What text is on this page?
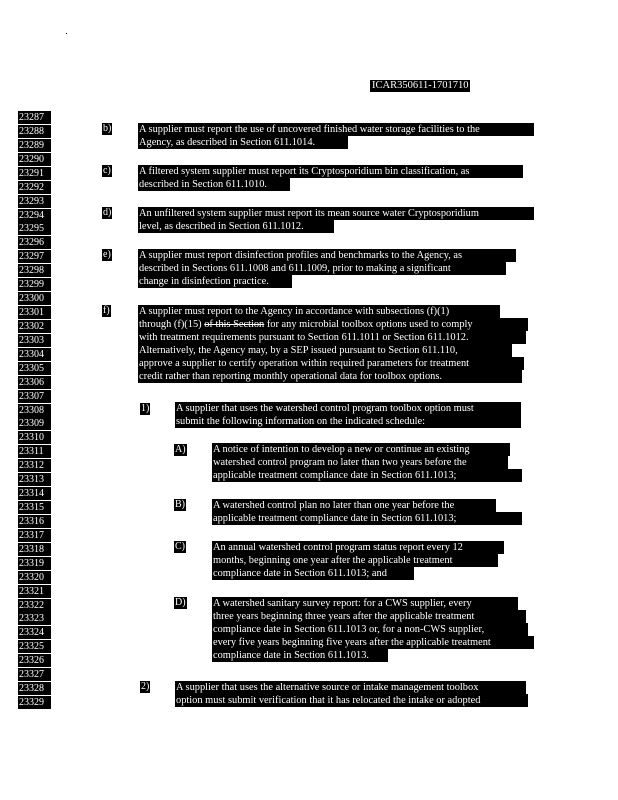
ICAR350611-1701710
23287
23288
23289
23290
23291
23292
23293
23294
23295
23296
23297
23298
23299
23300
23301
23302
23303
23304
23305
23306
23307
23308
23309
23310
23311
23312
23313
23314
23315
23316
23317
23318
23319
23320
23321
23322
23323
23324
23325
23326
23327
23328
23329
b)	A supplier must report the use of uncovered finished water storage facilities to the
Agency, as described in Section 611.1014.
c)	A filtered system supplier must report its Cryptosporidium bin classification, as
described in Section 611.1010.
d)	An unfiltered system supplier must report its mean source water Cryptosporidium
level, as described in Section 611.1012.
e)	A supplier must report disinfection profiles and benchmarks to the Agency, as
described in Sections 611.1008 and 611.1009, prior to making a significant
change in disinfection practice.
f)	A supplier must report to the Agency in accordance with subsections (f)(1)
through (f)(15) of this Section for any microbial toolbox options used to comply
with treatment requirements pursuant to Section 611.1011 or Section 611.1012.
Alternatively, the Agency may, by a SEP issued pursuant to Section 611.110,
approve a supplier to certify operation within required parameters for treatment
credit rather than reporting monthly operational data for toolbox options.
1)	A supplier that uses the watershed control program toolbox option must
submit the following information on the indicated schedule:
A)	A notice of intention to develop a new or continue an existing
watershed control program no later than two years before the
applicable treatment compliance date in Section 611.1013;
B)	A watershed control plan no later than one year before the
applicable treatment compliance date in Section 611.1013;
C)	An annual watershed control program status report every 12
months, beginning one year after the applicable treatment
compliance date in Section 611.1013; and
D)	A watershed sanitary survey report: for a CWS supplier, every
three years beginning three years after the applicable treatment
compliance date in Section 611.1013 or, for a non-CWS supplier,
every five years beginning five years after the applicable treatment
compliance date in Section 611.1013.
2)	A supplier that uses the alternative source or intake management toolbox
option must submit verification that it has relocated the intake or adopted
